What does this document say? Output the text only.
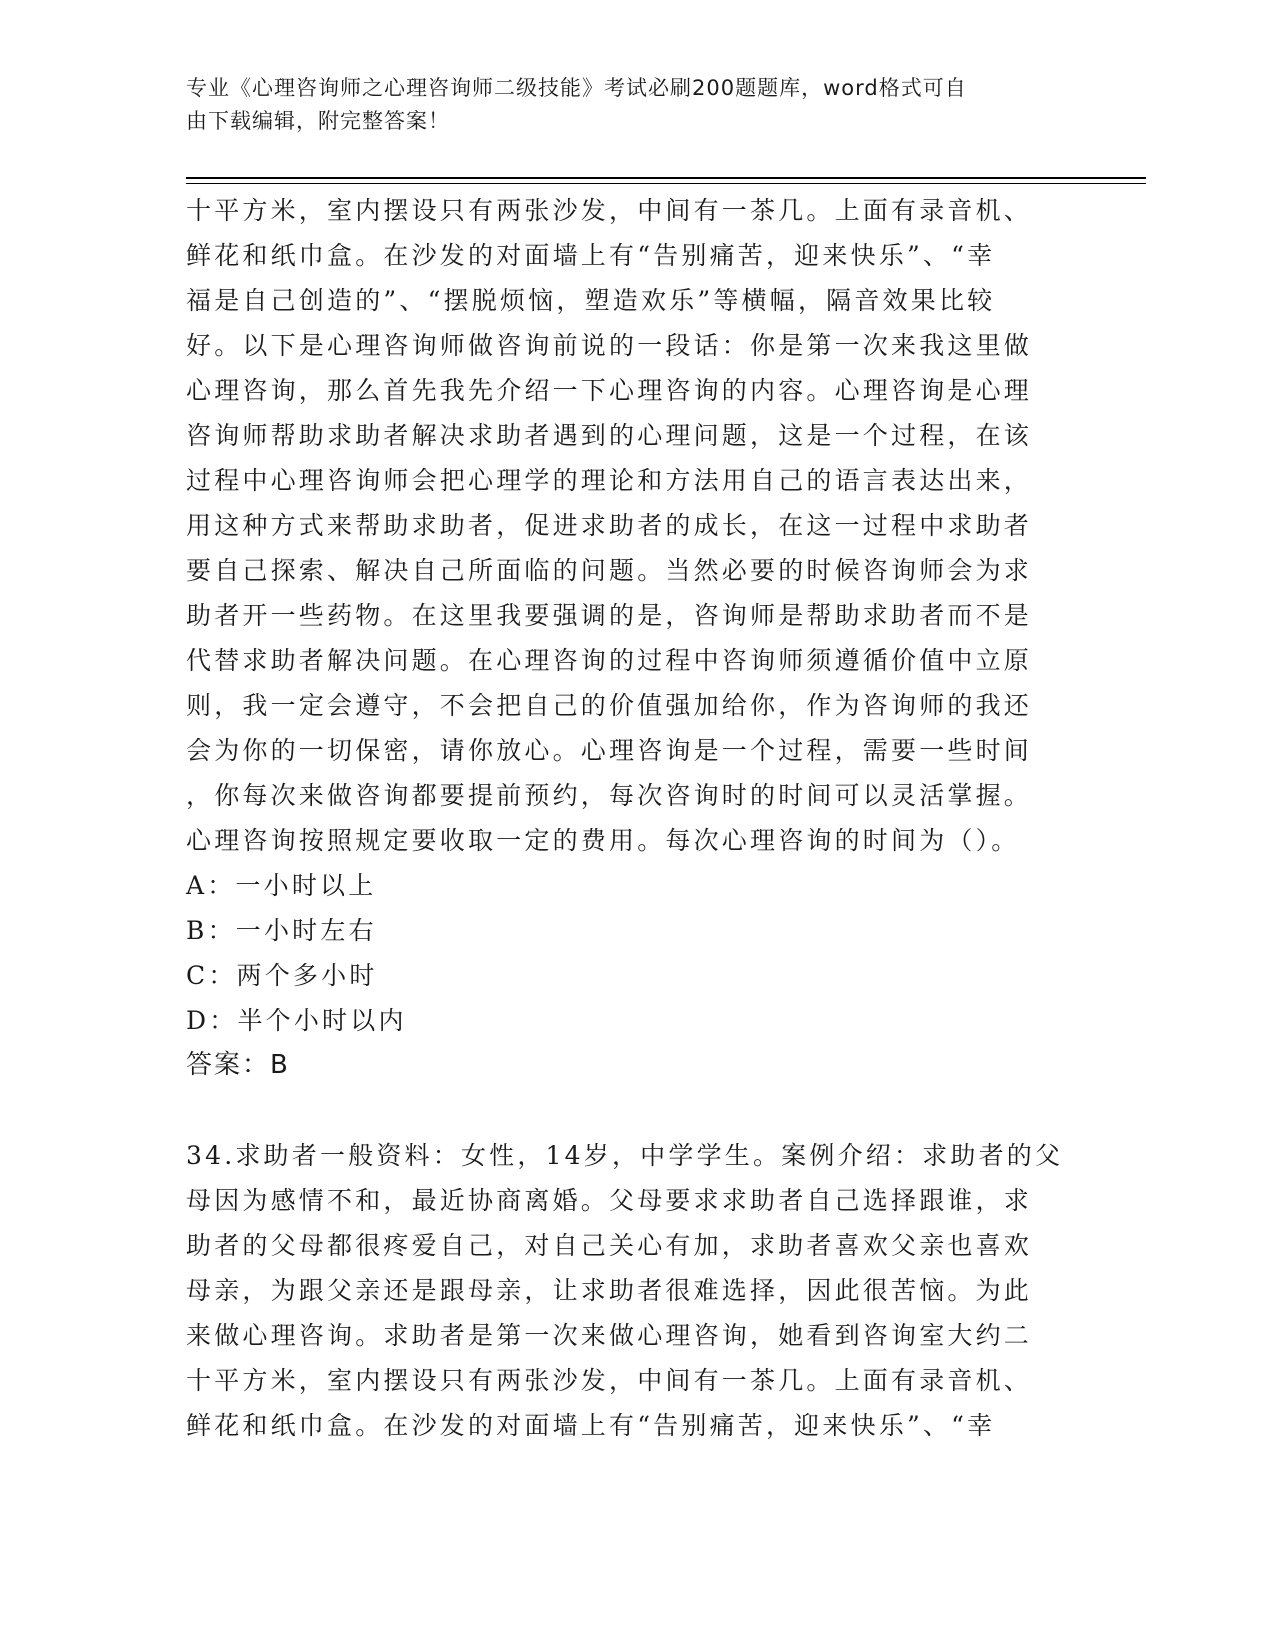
专业《心理咨询师之心理咨询师二级技能》考试必刷200题题库，word格式可自
由下载编辑，附完整答案！
十平方米，室内摆设只有两张沙发，中间有一茶几。上面有录音机、
鲜花和纸巾盒。在沙发的对面墙上有“告别痛苦，迎来快乐”、“幸
福是自己创造的”、“摆脱烦恼，塑造欢乐”等横幅，隔音效果比较
好。以下是心理咨询师做咨询前说的一段话：你是第一次来我这里做
心理咨询，那么首先我先介绍一下心理咨询的内容。心理咨询是心理
咨询师帮助求助者解决求助者遇到的心理问题，这是一个过程，在该
过程中心理咨询师会把心理学的理论和方法用自己的语言表达出来，
用这种方式来帮助求助者，促进求助者的成长，在这一过程中求助者
要自己探索、解决自己所面临的问题。当然必要的时候咨询师会为求
助者开一些药物。在这里我要强调的是，咨询师是帮助求助者而不是
代替求助者解决问题。在心理咨询的过程中咨询师须遵循价值中立原
则，我一定会遵守，不会把自己的价值强加给你，作为咨询师的我还
会为你的一切保密，请你放心。心理咨询是一个过程，需要一些时间
，你每次来做咨询都要提前预约，每次咨询时的时间可以灵活掌握。
心理咨询按照规定要收取一定的费用。每次心理咨询的时间为（）。
A：一小时以上
B：一小时左右
C：两个多小时
D：半个小时以内
答案：B
34.求助者一般资料：女性，14岁，中学学生。案例介绍：求助者的父
母因为感情不和，最近协商离婚。父母要求求助者自己选择跟谁，求
助者的父母都很疼爱自己，对自己关心有加，求助者喜欢父亲也喜欢
母亲，为跟父亲还是跟母亲，让求助者很难选择，因此很苦恼。为此
来做心理咨询。求助者是第一次来做心理咨询，她看到咨询室大约二
十平方米，室内摆设只有两张沙发，中间有一茶几。上面有录音机、
鲜花和纸巾盒。在沙发的对面墙上有“告别痛苦，迎来快乐”、“幸
